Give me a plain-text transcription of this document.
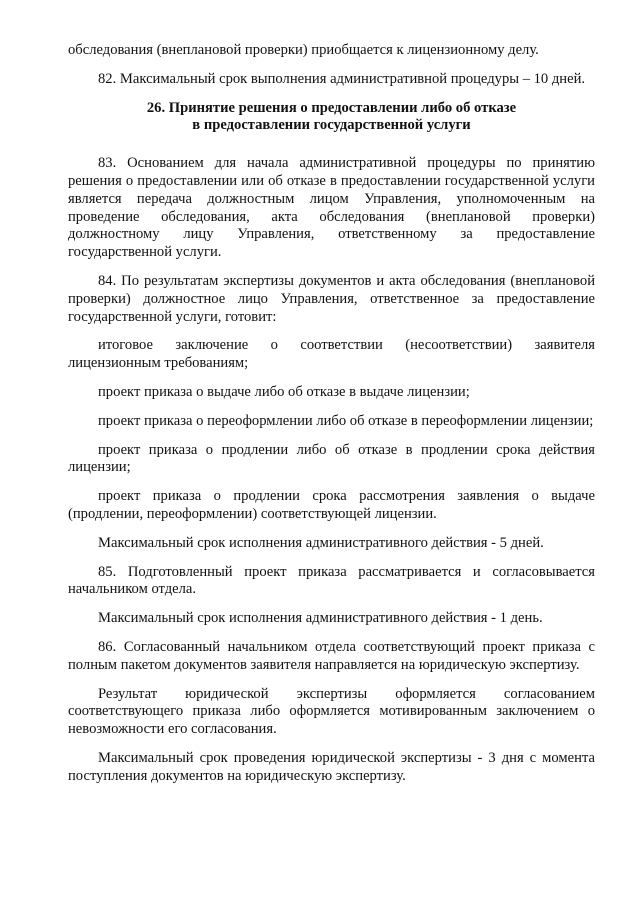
обследования (внеплановой проверки) приобщается к лицензионному делу.

82. Максимальный срок выполнения административной процедуры – 10 дней.

26. Принятие решения о предоставлении либо об отказе
в предоставлении государственной услуги

83. Основанием для начала административной процедуры по принятию решения о предоставлении или об отказе в предоставлении государственной услуги является передача должностным лицом Управления, уполномоченным на проведение обследования, акта обследования (внеплановой проверки) должностному лицу Управления, ответственному за предоставление государственной услуги.

84. По результатам экспертизы документов и акта обследования (внеплановой проверки) должностное лицо Управления, ответственное за предоставление государственной услуги, готовит:

итоговое заключение о соответствии (несоответствии) заявителя лицензионным требованиям;

проект приказа о выдаче либо об отказе в выдаче лицензии;

проект приказа о переоформлении либо об отказе в переоформлении лицензии;

проект приказа о продлении либо об отказе в продлении срока действия лицензии;

проект приказа о продлении срока рассмотрения заявления о выдаче (продлении, переоформлении) соответствующей лицензии.

Максимальный срок исполнения административного действия - 5 дней.

85. Подготовленный проект приказа рассматривается и согласовывается начальником отдела.

Максимальный срок исполнения административного действия - 1 день.

86. Согласованный начальником отдела соответствующий проект приказа с полным пакетом документов заявителя направляется на юридическую экспертизу.

Результат юридической экспертизы оформляется согласованием соответствующего приказа либо оформляется мотивированным заключением о невозможности его согласования.

Максимальный срок проведения юридической экспертизы - 3 дня с момента поступления документов на юридическую экспертизу.
